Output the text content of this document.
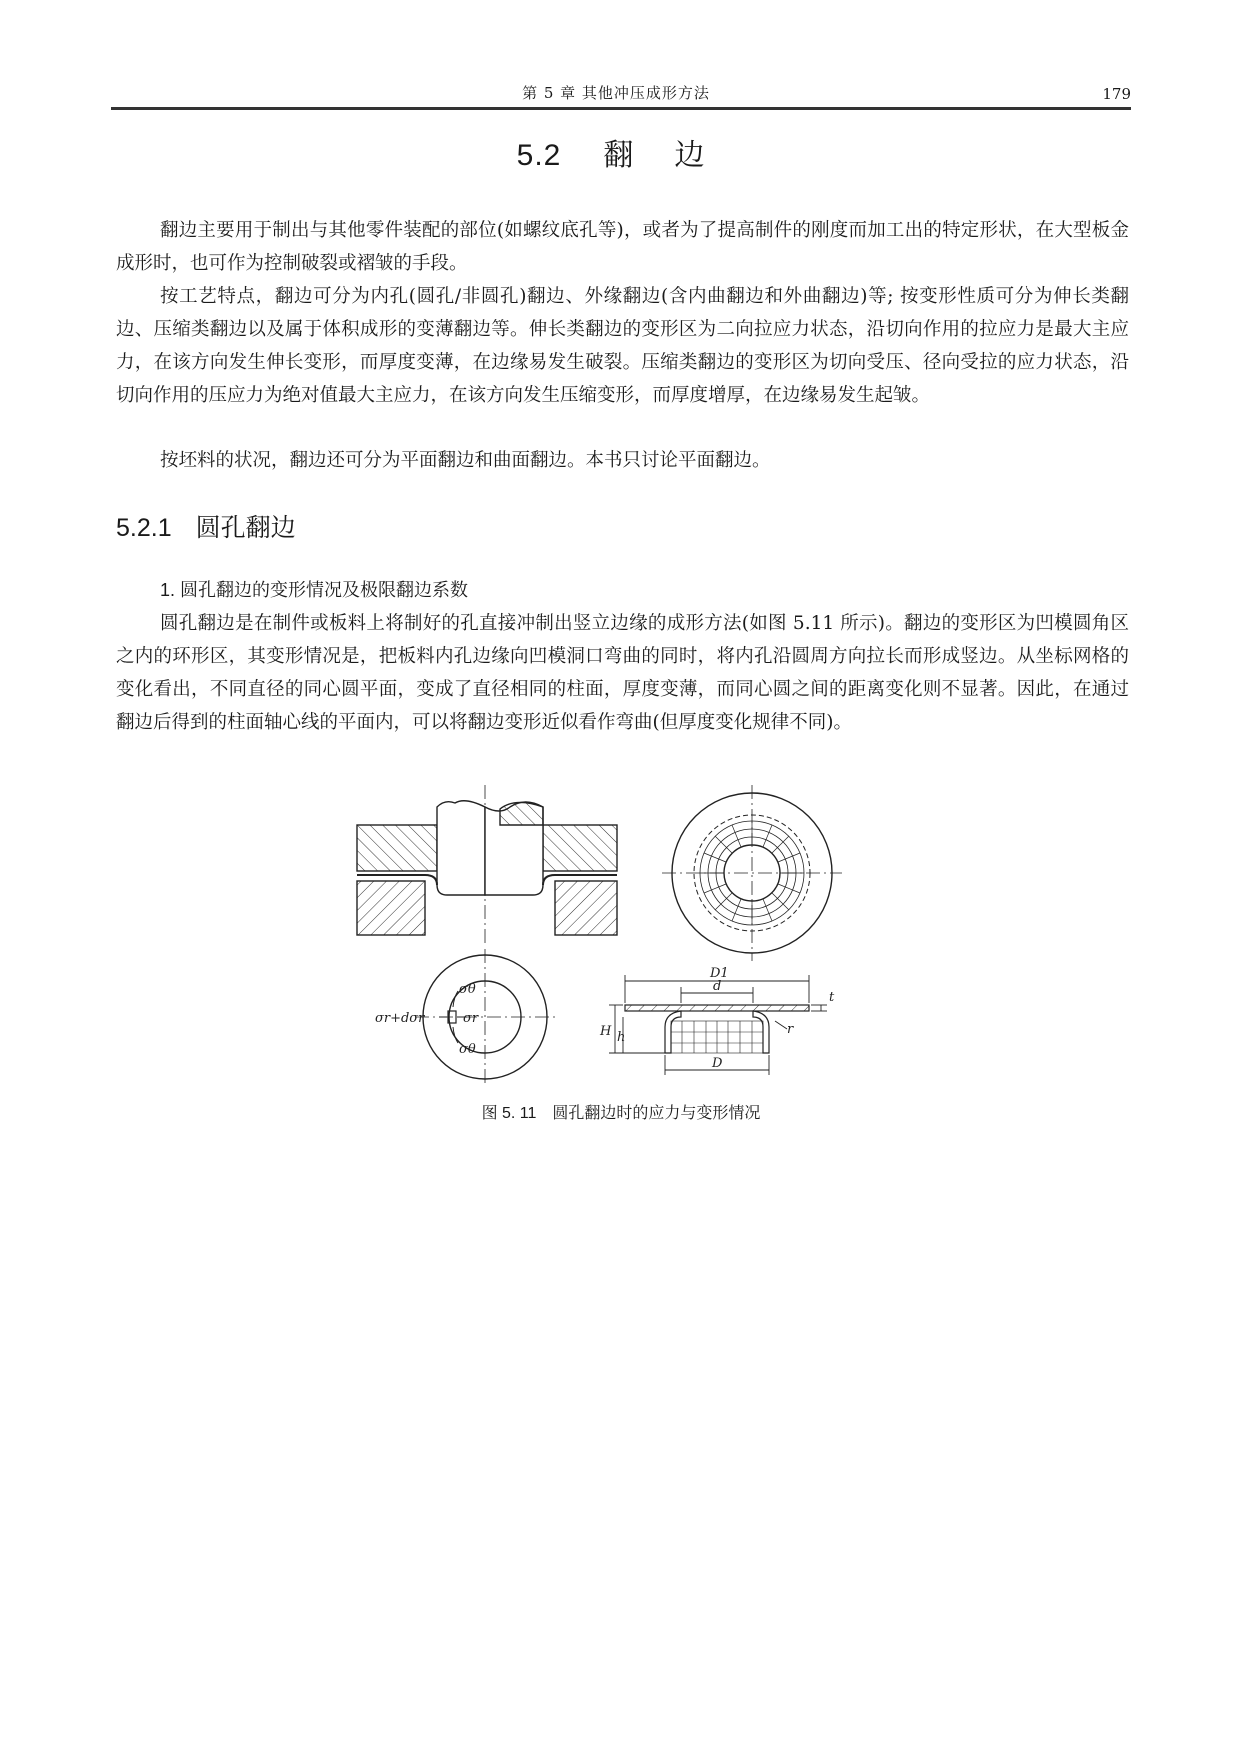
第 5 章 其他冲压成形方法	179
5.2 翻 边

翻边主要用于制出与其他零件装配的部位(如螺纹底孔等)，或者为了提高制件的刚度而加工出的特定形状，在大型板金成形时，也可作为控制破裂或褶皱的手段。

按工艺特点，翻边可分为内孔(圆孔/非圆孔)翻边、外缘翻边(含内曲翻边和外曲翻边)等; 按变形性质可分为伸长类翻边、压缩类翻边以及属于体积成形的变薄翻边等。伸长类翻边的变形区为二向拉应力状态，沿切向作用的拉应力是最大主应力，在该方向发生伸长变形，而厚度变薄，在边缘易发生破裂。压缩类翻边的变形区为切向受压、径向受拉的应力状态，沿切向作用的压应力为绝对值最大主应力，在该方向发生压缩变形，而厚度增厚，在边缘易发生起皱。

按坯料的状况，翻边还可分为平面翻边和曲面翻边。本书只讨论平面翻边。

5.2.1 圆孔翻边
1. 圆孔翻边的变形情况及极限翻边系数

圆孔翻边是在制件或板料上将制好的孔直接冲制出竖立边缘的成形方法(如图 5.11 所示)。翻边的变形区为凹模圆角区之内的环形区，其变形情况是，把板料内孔边缘向凹模洞口弯曲的同时，将内孔沿圆周方向拉长而形成竖边。从坐标网格的变化看出，不同直径的同心圆平面，变成了直径相同的柱面，厚度变薄，而同心圆之间的距离变化则不显著。因此，在通过翻边后得到的柱面轴心线的平面内，可以将翻边变形近似看作弯曲(但厚度变化规律不同)。

σr+dσr
σθ
σr
σθ
D1
d
t
H h
r
D
图 5. 11 圆孔翻边时的应力与变形情况
